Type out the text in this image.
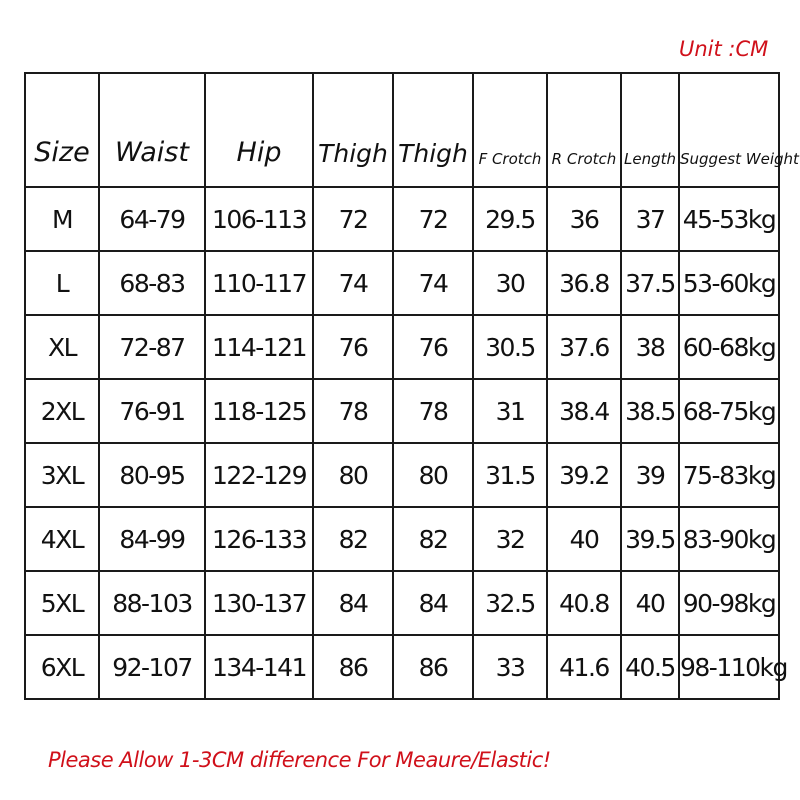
Unit :CM
Size	Waist	Hip	Thigh	Thigh	F Crotch	R Crotch	Length	Suggest Weight
M	64-79	106-113	72	72	29.5	36	37	45-53kg
L	68-83	110-117	74	74	30	36.8	37.5	53-60kg
XL	72-87	114-121	76	76	30.5	37.6	38	60-68kg
2XL	76-91	118-125	78	78	31	38.4	38.5	68-75kg
3XL	80-95	122-129	80	80	31.5	39.2	39	75-83kg
4XL	84-99	126-133	82	82	32	40	39.5	83-90kg
5XL	88-103	130-137	84	84	32.5	40.8	40	90-98kg
6XL	92-107	134-141	86	86	33	41.6	40.5	98-110kg
Please Allow 1-3CM difference For Meaure/Elastic!
